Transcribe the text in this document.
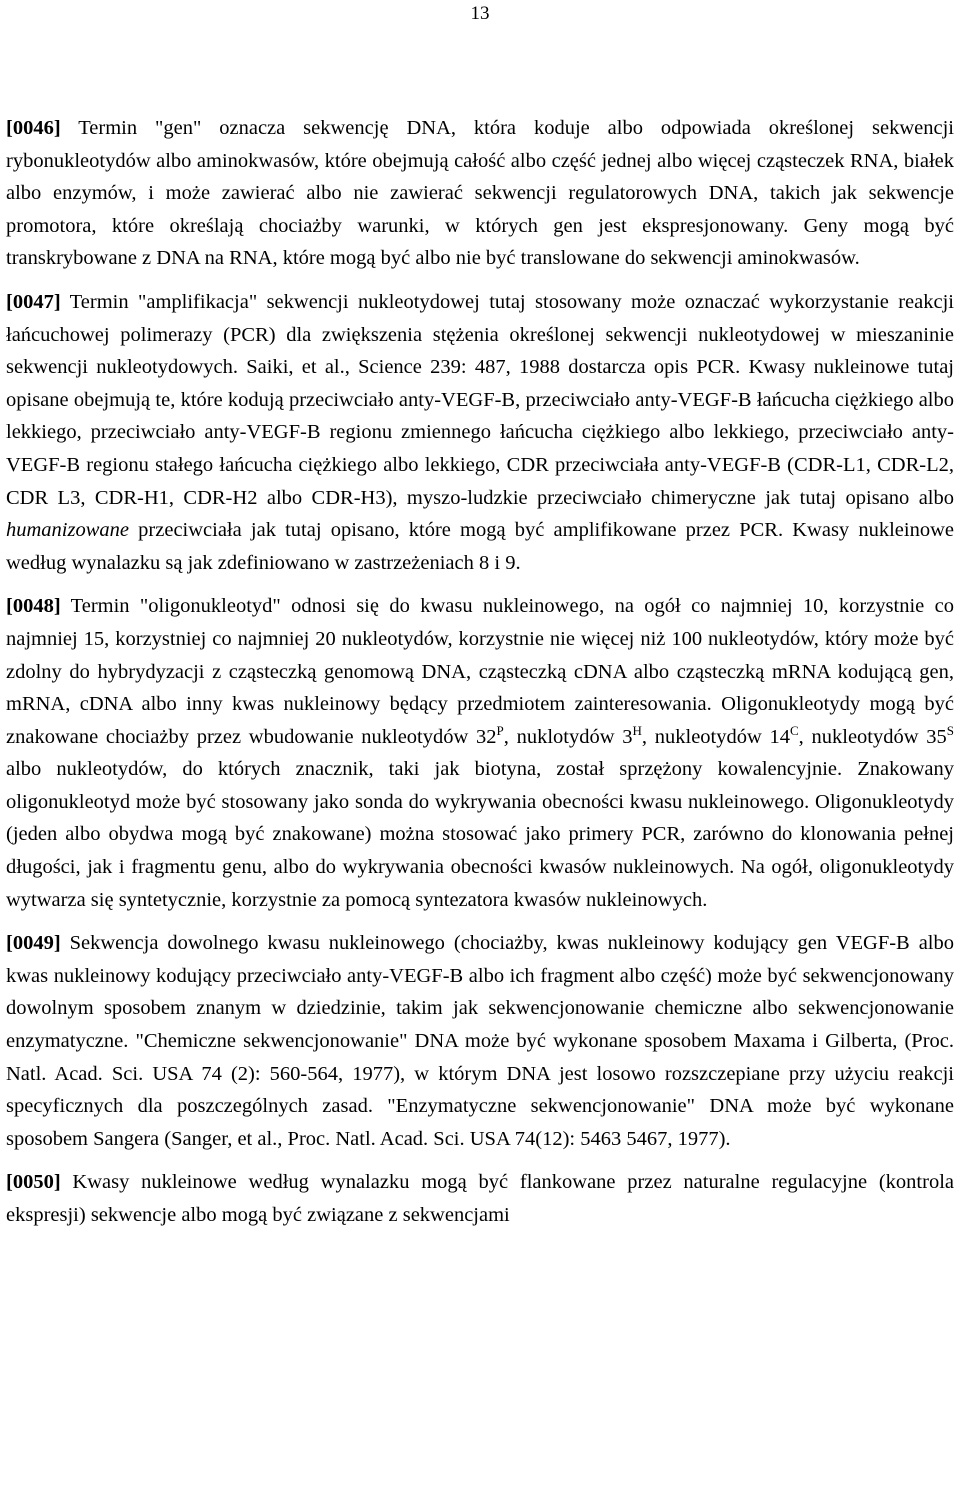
13

[0046] Termin "gen" oznacza sekwencję DNA, która koduje albo odpowiada określonej sekwencji rybonukleotydów albo aminokwasów, które obejmują całość albo część jednej albo więcej cząsteczek RNA, białek albo enzymów, i może zawierać albo nie zawierać sekwencji regulatorowych DNA, takich jak sekwencje promotora, które określają chociażby warunki, w których gen jest ekspresjonowany. Geny mogą być transkrybowane z DNA na RNA, które mogą być albo nie być translowane do sekwencji aminokwasów.

[0047] Termin "amplifikacja" sekwencji nukleotydowej tutaj stosowany może oznaczać wykorzystanie reakcji łańcuchowej polimerazy (PCR) dla zwiększenia stężenia określonej sekwencji nukleotydowej w mieszaninie sekwencji nukleotydowych. Saiki, et al., Science 239: 487, 1988 dostarcza opis PCR. Kwasy nukleinowe tutaj opisane obejmują te, które kodują przeciwciało anty-VEGF-B, przeciwciało anty-VEGF-B łańcucha ciężkiego albo lekkiego, przeciwciało anty-VEGF-B regionu zmiennego łańcucha ciężkiego albo lekkiego, przeciwciało anty-VEGF-B regionu stałego łańcucha ciężkiego albo lekkiego, CDR przeciwciała anty-VEGF-B (CDR-L1, CDR-L2, CDR L3, CDR-H1, CDR-H2 albo CDR-H3), myszo-ludzkie przeciwciało chimeryczne jak tutaj opisano albo humanizowane przeciwciała jak tutaj opisano, które mogą być amplifikowane przez PCR. Kwasy nukleinowe według wynalazku są jak zdefiniowano w zastrzeżeniach 8 i 9.

[0048] Termin "oligonukleotyd" odnosi się do kwasu nukleinowego, na ogół co najmniej 10, korzystnie co najmniej 15, korzystniej co najmniej 20 nukleotydów, korzystnie nie więcej niż 100 nukleotydów, który może być zdolny do hybrydyzacji z cząsteczką genomową DNA, cząsteczką cDNA albo cząsteczką mRNA kodującą gen, mRNA, cDNA albo inny kwas nukleinowy będący przedmiotem zainteresowania. Oligonukleotydy mogą być znakowane chociażby przez wbudowanie nukleotydów $32^P$, nuklotydów $3^H$, nukleotydów $14^C$, nukleotydów $35^S$ albo nukleotydów, do których znacznik, taki jak biotyna, został sprzężony kowalencyjnie. Znakowany oligonukleotyd może być stosowany jako sonda do wykrywania obecności kwasu nukleinowego. Oligonukleotydy (jeden albo obydwa mogą być znakowane) można stosować jako primery PCR, zarówno do klonowania pełnej długości, jak i fragmentu genu, albo do wykrywania obecności kwasów nukleinowych. Na ogół, oligonukleotydy wytwarza się syntetycznie, korzystnie za pomocą syntezatora kwasów nukleinowych.

[0049] Sekwencja dowolnego kwasu nukleinowego (chociażby, kwas nukleinowy kodujący gen VEGF-B albo kwas nukleinowy kodujący przeciwciało anty-VEGF-B albo ich fragment albo część) może być sekwencjonowany dowolnym sposobem znanym w dziedzinie, takim jak sekwencjonowanie chemiczne albo sekwencjonowanie enzymatyczne. "Chemiczne sekwencjonowanie" DNA może być wykonane sposobem Maxama i Gilberta, (Proc. Natl. Acad. Sci. USA 74 (2): 560-564, 1977), w którym DNA jest losowo rozszczepiane przy użyciu reakcji specyficznych dla poszczególnych zasad. "Enzymatyczne sekwencjonowanie" DNA może być wykonane sposobem Sangera (Sanger, et al., Proc. Natl. Acad. Sci. USA 74(12): 5463 5467, 1977).

[0050] Kwasy nukleinowe według wynalazku mogą być flankowane przez naturalne regulacyjne (kontrola ekspresji) sekwencje albo mogą być związane z sekwencjami
